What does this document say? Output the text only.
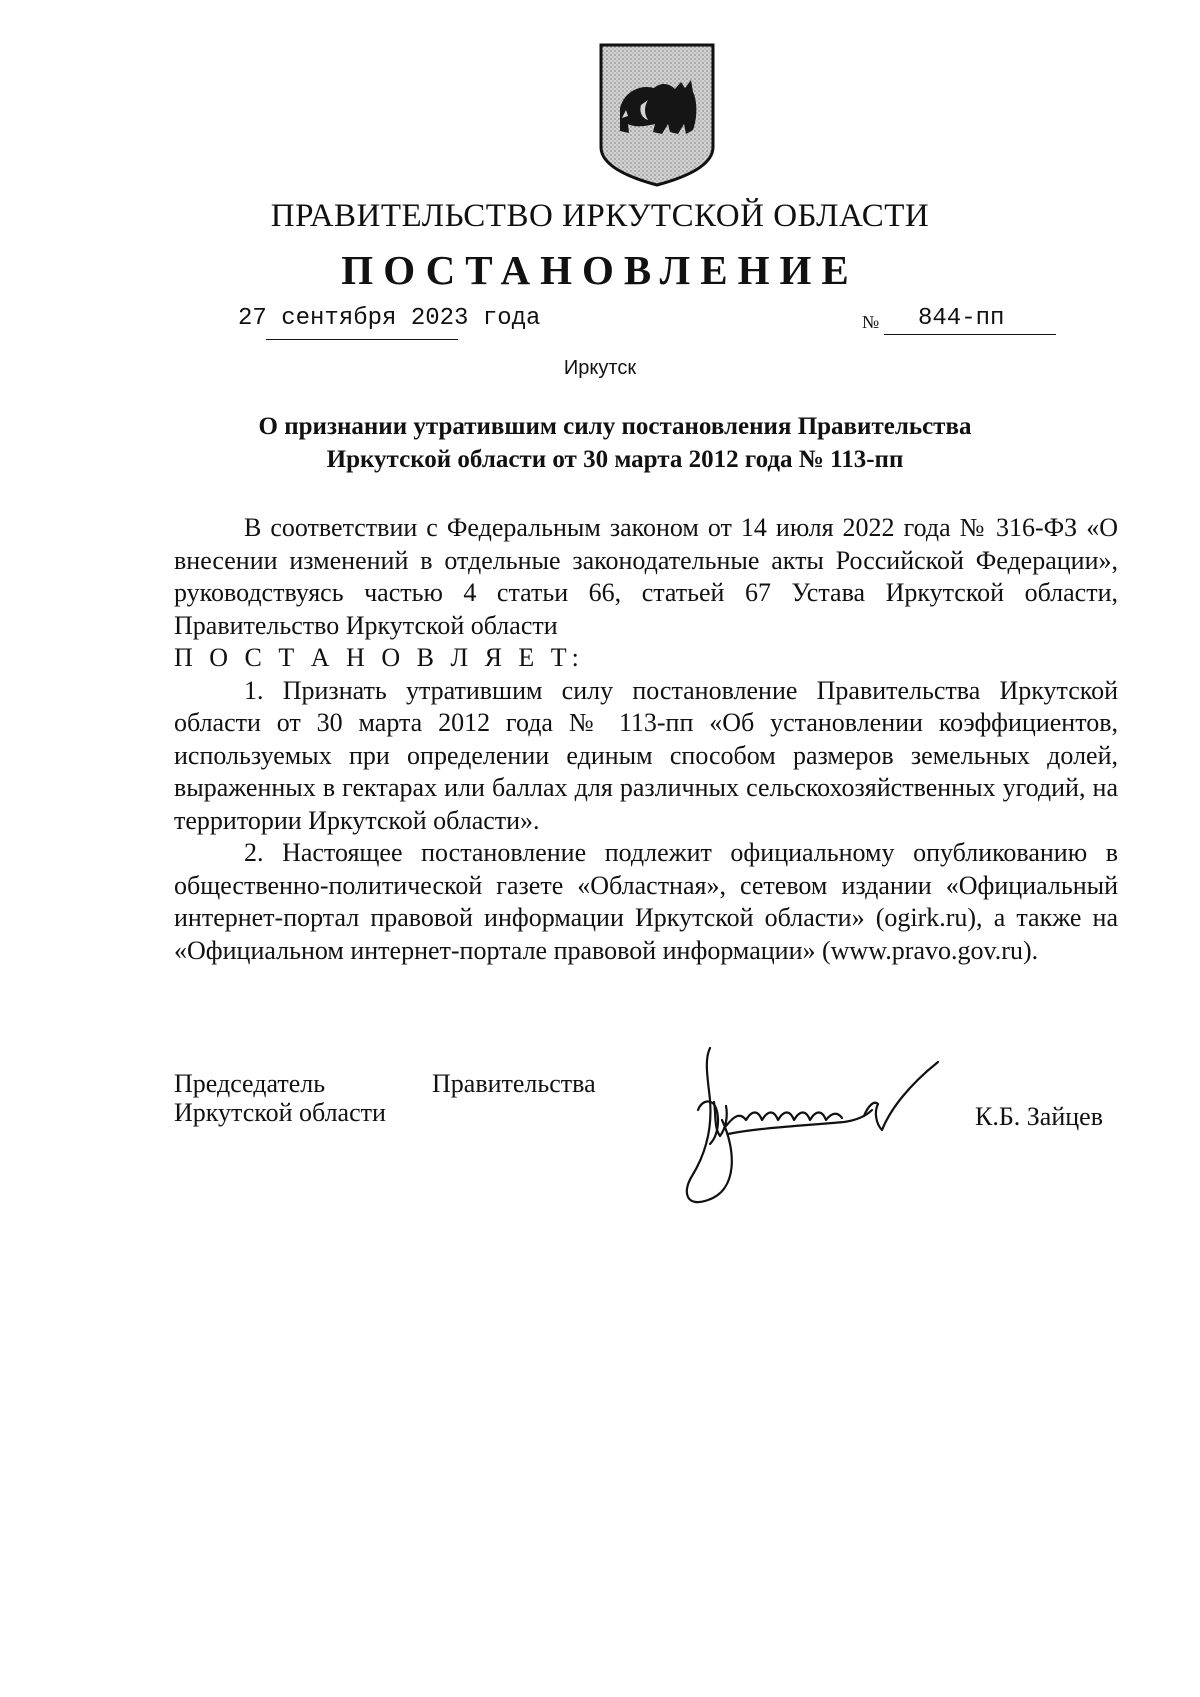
ПРАВИТЕЛЬСТВО ИРКУТСКОЙ ОБЛАСТИ
ПОСТАНОВЛЕНИЕ
27 сентября 2023 года	№ 844-пп
Иркутск
О признании утратившим силу постановления Правительства
Иркутской области от 30 марта 2012 года № 113-пп

В соответствии с Федеральным законом от 14 июля 2022 года № 316-ФЗ «О внесении изменений в отдельные законодательные акты Российской Федерации», руководствуясь частью 4 статьи 66, статьей 67 Устава Иркутской области, Правительство Иркутской области

П О С Т А Н О В Л Я Е Т:

1. Признать утратившим силу постановление Правительства Иркутской области от 30 марта 2012 года № 113-пп «Об установлении коэффициентов, используемых при определении единым способом размеров земельных долей, выраженных в гектарах или баллах для различных сельскохозяйственных угодий, на территории Иркутской области».

2. Настоящее постановление подлежит официальному опубликованию в общественно-политической газете «Областная», сетевом издании «Официальный интернет-портал правовой информации Иркутской области» (ogirk.ru), а также на «Официальном интернет-портале правовой информации» (www.pravo.gov.ru).

Председатель	Правительства
Иркутской области	К.Б. Зайцев
